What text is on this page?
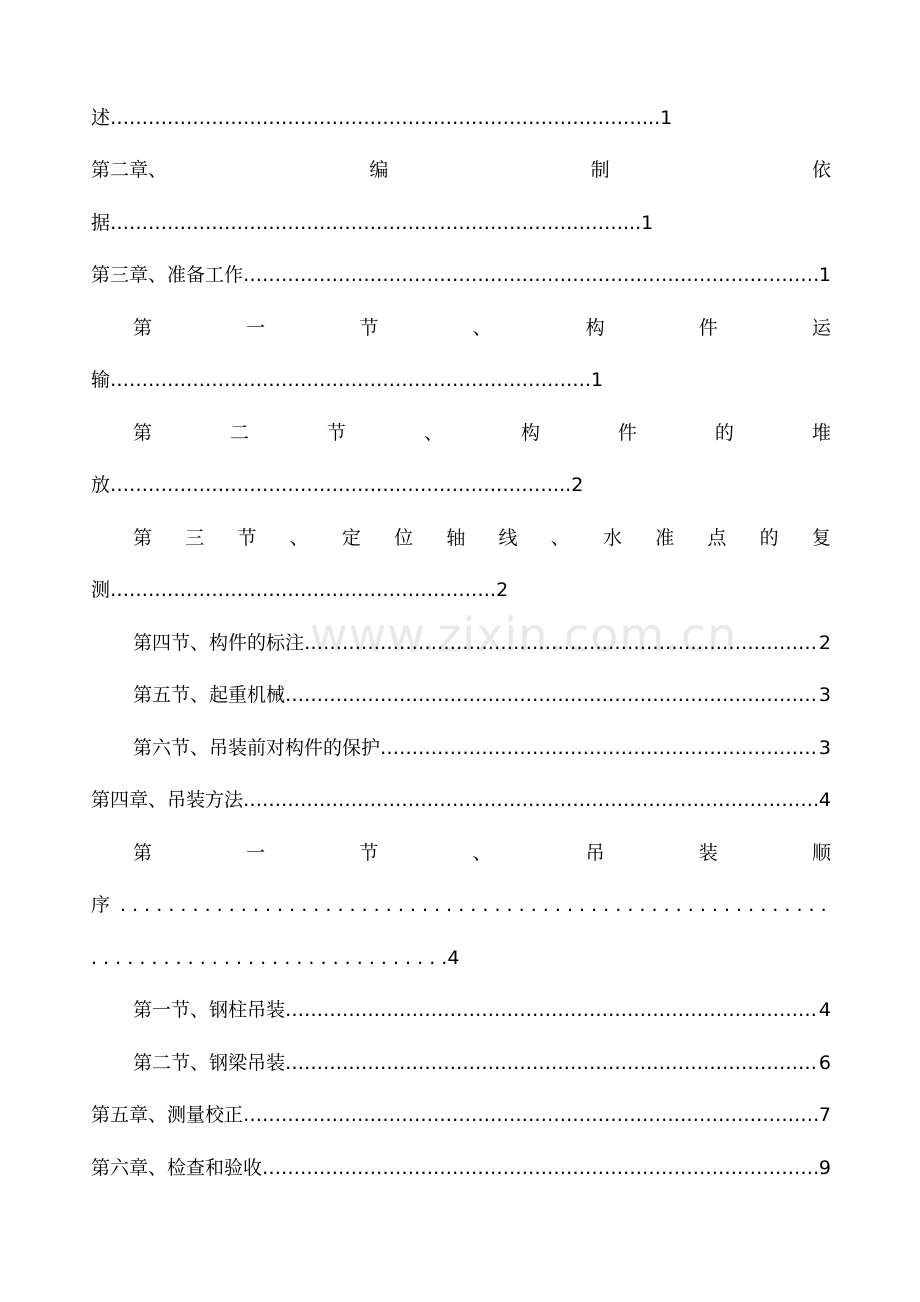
www.zixin.com.cn
述 ………………………………………………………………………… ...1
第二章、	编	制	依
据………………………………………………………………………...1
第三章、准备工作 ………………………………………………………………………………………………………………………………………………………………………………………………	1
第	一	节	、	构	件	运
输………………………………………………………………….1
第	二	节	、	构	件	的	堆
放……………………………………….……………………...2
第 三 节 、 定 位 轴 线 、 水 准 点 的 复
测…………………………………………………….2
第四节、构件的标注 ………………………………………………………………………………………………………………………………………………………………………………………………	2
第五节、起重机械 ………………………………………………………………………………………………………………………………………………………………………………………………	3
第六节、吊装前对构件的保护 ………………………………………………………………………………………………………………………………………………………………………………………………	3
第四章、吊装方法 ………………………………………………………………………………………………………………………………………………………………………………………………	4
第	一	节	、	吊	装	顺
序
. . .
. . . . . . . . . . . . . . . . . . . . . . . . . . . . . .4
第一节、钢柱吊装 ………………………………………………………………………………………………………………………………………………………………………………………………	4
第二节、钢梁吊装 ………………………………………………………………………………………………………………………………………………………………………………………………	6
第五章、测量校正 ………………………………………………………………………………………………………………………………………………………………………………………………	7
第六章、检查和验收 ………………………………………………………………………………………………………………………………………………………………………………………………	9
